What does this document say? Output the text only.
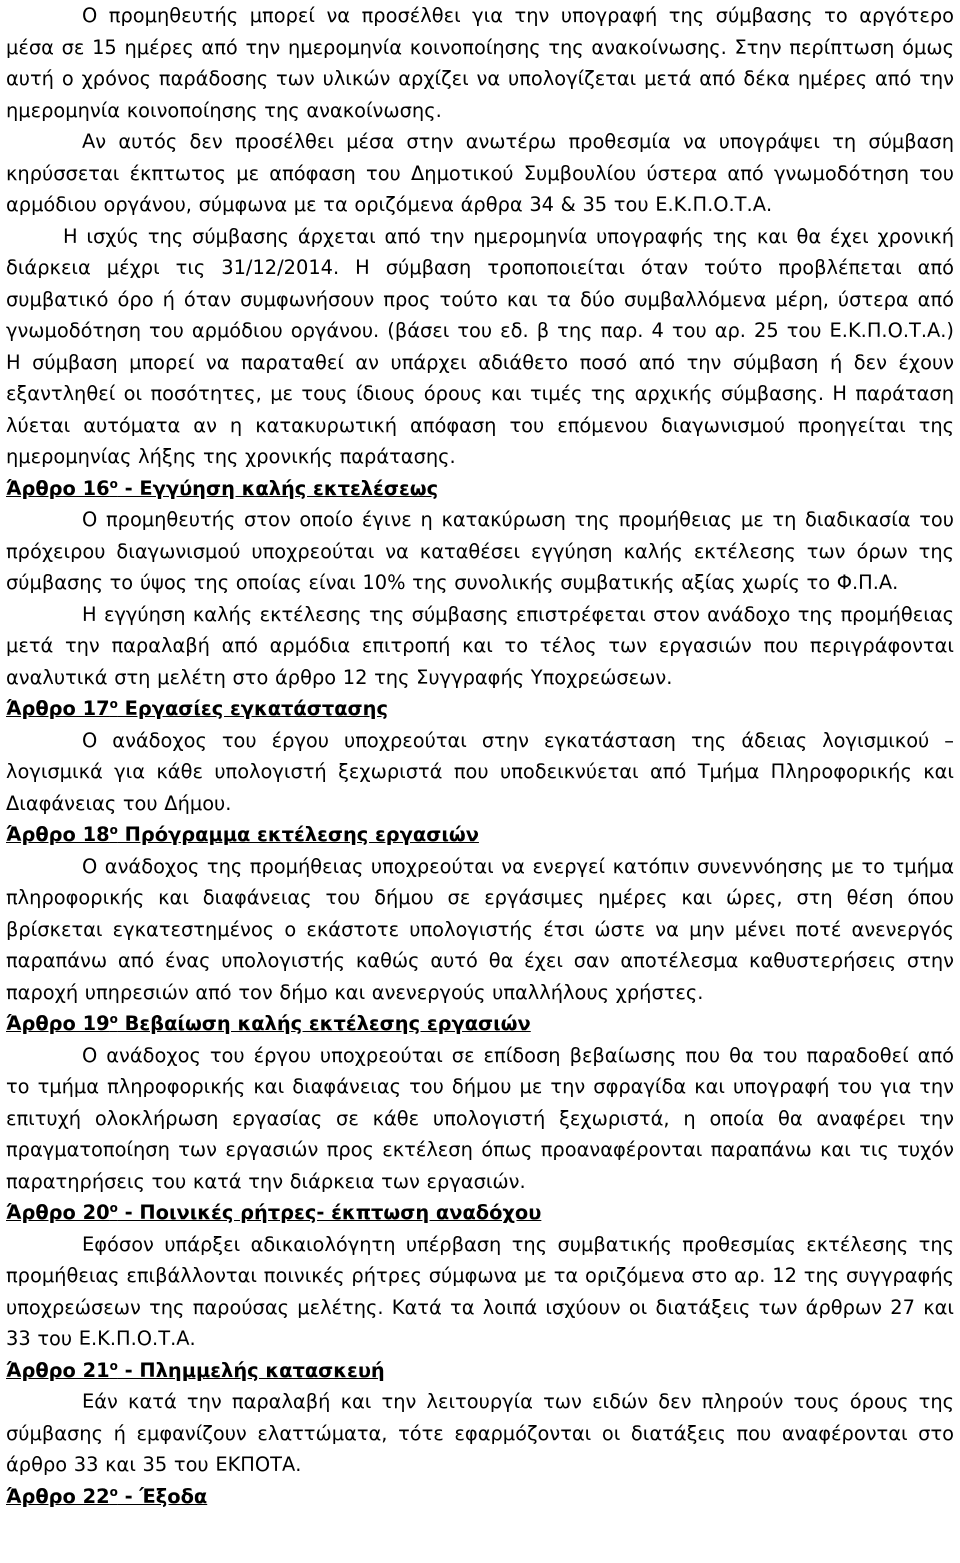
Ο προμηθευτής μπορεί να προσέλθει για την υπογραφή της σύμβασης το αργότερο μέσα σε 15 ημέρες από την ημερομηνία κοινοποίησης της ανακοίνωσης. Στην περίπτωση όμως αυτή ο χρόνος παράδοσης των υλικών αρχίζει να υπολογίζεται μετά από δέκα ημέρες από την ημερομηνία κοινοποίησης της ανακοίνωσης.

Αν αυτός δεν προσέλθει μέσα στην ανωτέρω προθεσμία να υπογράψει τη σύμβαση κηρύσσεται έκπτωτος με απόφαση του Δημοτικού Συμβουλίου ύστερα από γνωμοδότηση του αρμόδιου οργάνου, σύμφωνα με τα οριζόμενα άρθρα 34 & 35 του Ε.Κ.Π.Ο.Τ.Α.

Η ισχύς της σύμβασης άρχεται από την ημερομηνία υπογραφής της και θα έχει χρονική διάρκεια μέχρι τις 31/12/2014. Η σύμβαση τροποποιείται όταν τούτο προβλέπεται από συμβατικό όρο ή όταν συμφωνήσουν προς τούτο και τα δύο συμβαλλόμενα μέρη, ύστερα από γνωμοδότηση του αρμόδιου οργάνου. (βάσει του εδ. β της παρ. 4 του αρ. 25 του Ε.Κ.Π.Ο.Τ.Α.) Η σύμβαση μπορεί να παραταθεί αν υπάρχει αδιάθετο ποσό από την σύμβαση ή δεν έχουν εξαντληθεί οι ποσότητες, με τους ίδιους όρους και τιμές της αρχικής σύμβασης. Η παράταση λύεται αυτόματα αν η κατακυρωτική απόφαση του επόμενου διαγωνισμού προηγείται της ημερομηνίας λήξης της χρονικής παράτασης.

Άρθρο $16^o$ - Εγγύηση καλής εκτελέσεως

Ο προμηθευτής στον οποίο έγινε η κατακύρωση της προμήθειας με τη διαδικασία του πρόχειρου διαγωνισμού υποχρεούται να καταθέσει εγγύηση καλής εκτέλεσης των όρων της σύμβασης το ύψος της οποίας είναι 10% της συνολικής συμβατικής αξίας χωρίς το Φ.Π.Α.

Η εγγύηση καλής εκτέλεσης της σύμβασης επιστρέφεται στον ανάδοχο της προμήθειας μετά την παραλαβή από αρμόδια επιτροπή και το τέλος των εργασιών που περιγράφονται αναλυτικά στη μελέτη στο άρθρο 12 της Συγγραφής Υποχρεώσεων.

Άρθρο $17^o$ Εργασίες εγκατάστασης

Ο ανάδοχος του έργου υποχρεούται στην εγκατάσταση της άδειας λογισμικού – λογισμικά για κάθε υπολογιστή ξεχωριστά που υποδεικνύεται από Τμήμα Πληροφορικής και Διαφάνειας του Δήμου.

Άρθρο $18^o$ Πρόγραμμα εκτέλεσης εργασιών

Ο ανάδοχος της προμήθειας υποχρεούται να ενεργεί κατόπιν συνεννόησης με το τμήμα πληροφορικής και διαφάνειας του δήμου σε εργάσιμες ημέρες και ώρες, στη θέση όπου βρίσκεται εγκατεστημένος ο εκάστοτε υπολογιστής έτσι ώστε να μην μένει ποτέ ανενεργός παραπάνω από ένας υπολογιστής καθώς αυτό θα έχει σαν αποτέλεσμα καθυστερήσεις στην παροχή υπηρεσιών από τον δήμο και ανενεργούς υπαλλήλους χρήστες.

Άρθρο $19^o$ Βεβαίωση καλής εκτέλεσης εργασιών

Ο ανάδοχος του έργου υποχρεούται σε επίδοση βεβαίωσης που θα του παραδοθεί από το τμήμα πληροφορικής και διαφάνειας του δήμου με την σφραγίδα και υπογραφή του για την επιτυχή ολοκλήρωση εργασίας σε κάθε υπολογιστή ξεχωριστά, η οποία θα αναφέρει την πραγματοποίηση των εργασιών προς εκτέλεση όπως προαναφέρονται παραπάνω και τις τυχόν παρατηρήσεις του κατά την διάρκεια των εργασιών.

Άρθρο $20^o$ - Ποινικές ρήτρες- έκπτωση αναδόχου

Εφόσον υπάρξει αδικαιολόγητη υπέρβαση της συμβατικής προθεσμίας εκτέλεσης της προμήθειας επιβάλλονται ποινικές ρήτρες σύμφωνα με τα οριζόμενα στο αρ. 12 της συγγραφής υποχρεώσεων της παρούσας μελέτης. Κατά τα λοιπά ισχύουν οι διατάξεις των άρθρων 27 και 33 του Ε.Κ.Π.Ο.Τ.Α.

Άρθρο $21^o$ - Πλημμελής κατασκευή

Εάν κατά την παραλαβή και την λειτουργία των ειδών δεν πληρούν τους όρους της σύμβασης ή εμφανίζουν ελαττώματα, τότε εφαρμόζονται οι διατάξεις που αναφέρονται στο άρθρο 33 και 35 του ΕΚΠΟΤΑ.

Άρθρο $22^o$ - Έξοδα
